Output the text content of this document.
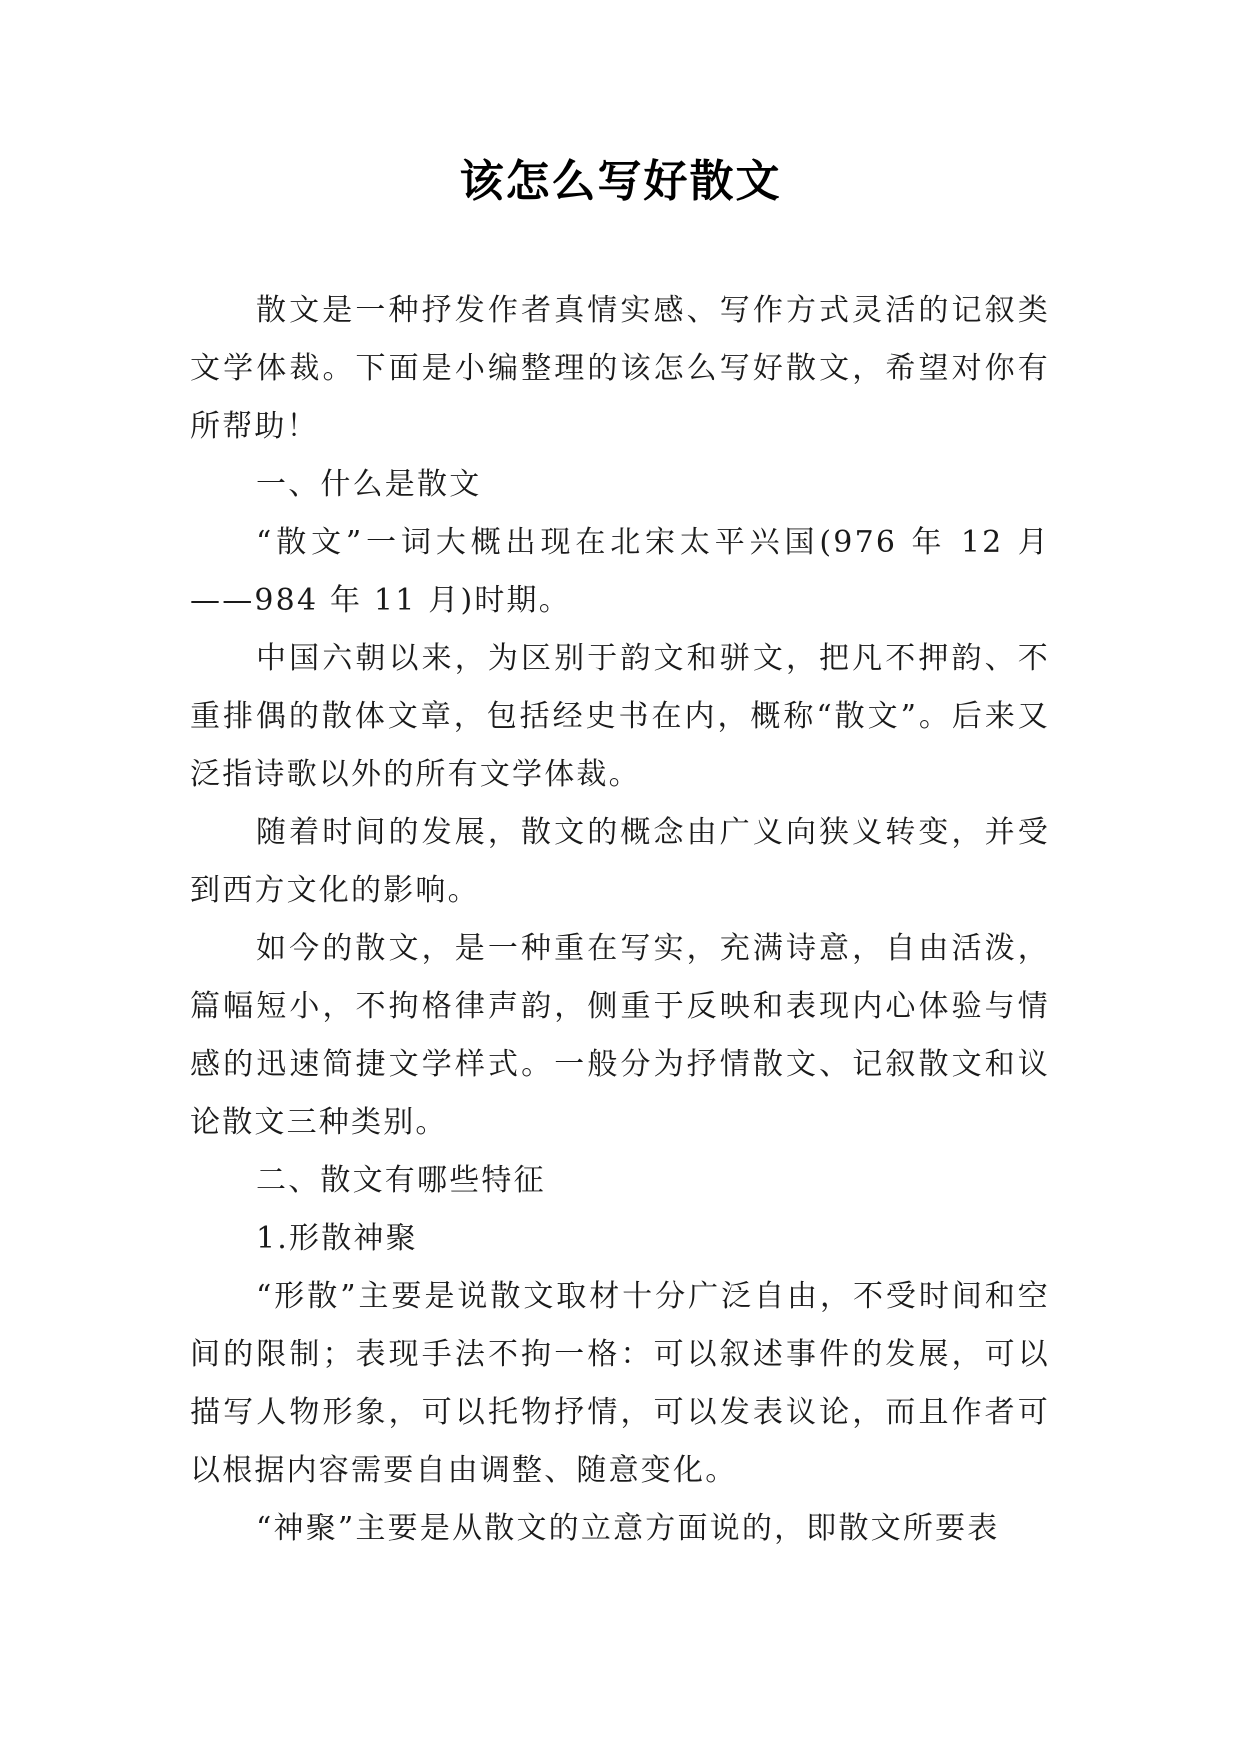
该怎么写好散文

散文是一种抒发作者真情实感、写作方式灵活的记叙类文学体裁。下面是小编整理的该怎么写好散文，希望对你有所帮助！

一、什么是散文

“散文”一词大概出现在北宋太平兴国(976 年 12 月——984 年 11 月)时期。

中国六朝以来，为区别于韵文和骈文，把凡不押韵、不重排偶的散体文章，包括经史书在内，概称“散文”。后来又泛指诗歌以外的所有文学体裁。

随着时间的发展，散文的概念由广义向狭义转变，并受到西方文化的影响。

如今的散文，是一种重在写实，充满诗意，自由活泼，篇幅短小，不拘格律声韵，侧重于反映和表现内心体验与情感的迅速简捷文学样式。一般分为抒情散文、记叙散文和议论散文三种类别。

二、散文有哪些特征

1.形散神聚

“形散”主要是说散文取材十分广泛自由，不受时间和空间的限制；表现手法不拘一格：可以叙述事件的发展，可以描写人物形象，可以托物抒情，可以发表议论，而且作者可以根据内容需要自由调整、随意变化。

“神聚”主要是从散文的立意方面说的，即散文所要表
